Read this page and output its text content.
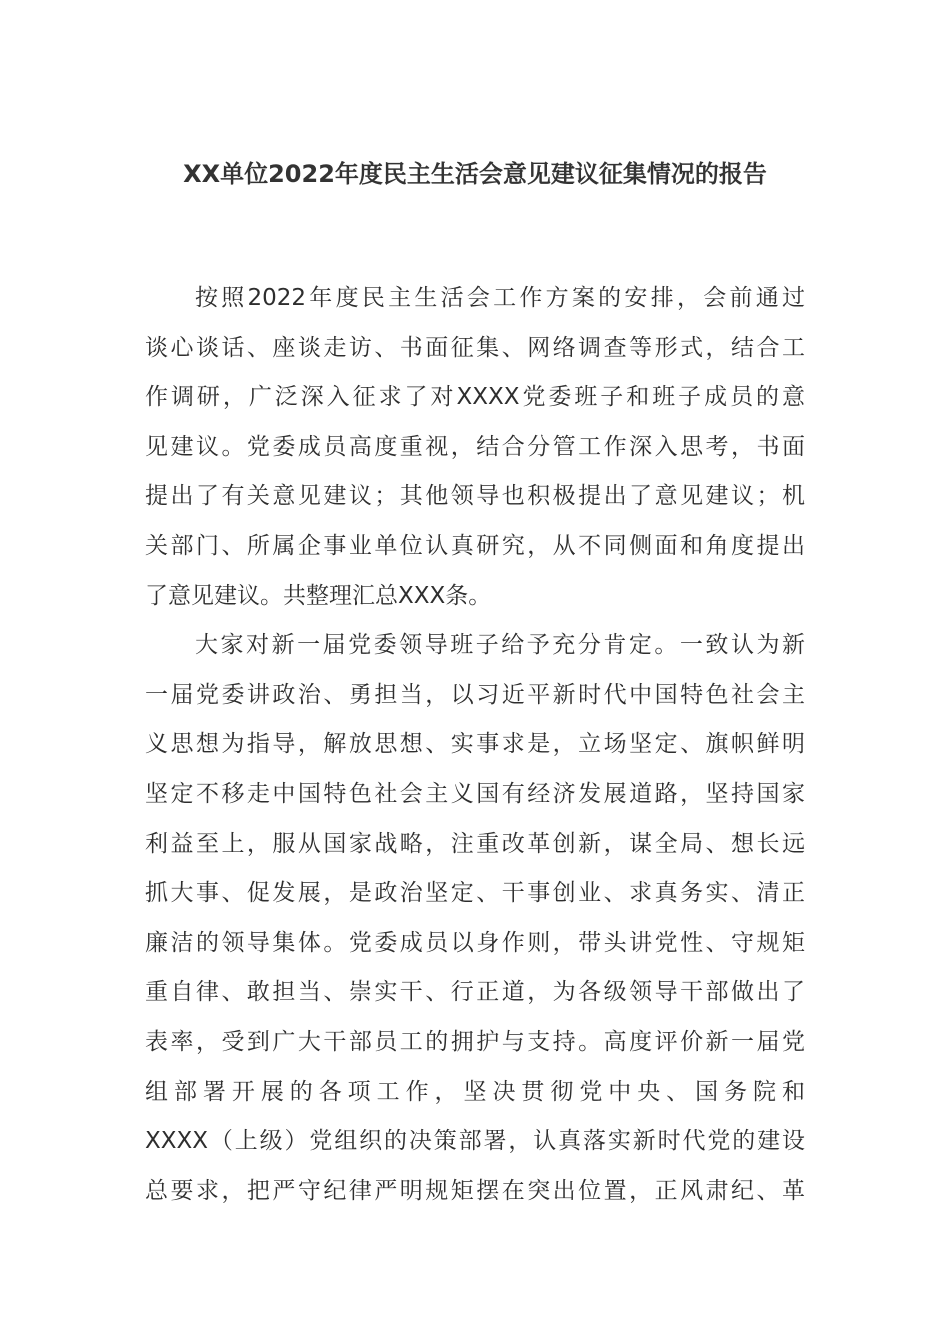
XX单位2022年度民主生活会意见建议征集情况的报告
按照2022年度民主生活会工作方案的安排，会前通过
谈心谈话、座谈走访、书面征集、网络调查等形式，结合工
作调研，广泛深入征求了对XXXX党委班子和班子成员的意
见建议。党委成员高度重视，结合分管工作深入思考，书面
提出了有关意见建议；其他领导也积极提出了意见建议；机
关部门、所属企事业单位认真研究，从不同侧面和角度提出
了意见建议。共整理汇总XXX条。
大家对新一届党委领导班子给予充分肯定。一致认为新
一届党委讲政治、勇担当，以习近平新时代中国特色社会主
义思想为指导，解放思想、实事求是，立场坚定、旗帜鲜明
坚定不移走中国特色社会主义国有经济发展道路，坚持国家
利益至上，服从国家战略，注重改革创新，谋全局、想长远
抓大事、促发展，是政治坚定、干事创业、求真务实、清正
廉洁的领导集体。党委成员以身作则，带头讲党性、守规矩
重自律、敢担当、崇实干、行正道，为各级领导干部做出了
表率，受到广大干部员工的拥护与支持。高度评价新一届党
组部署开展的各项工作，坚决贯彻党中央、国务院和
XXXX（上级）党组织的决策部署，认真落实新时代党的建设
总要求，把严守纪律严明规矩摆在突出位置，正风肃纪、革
